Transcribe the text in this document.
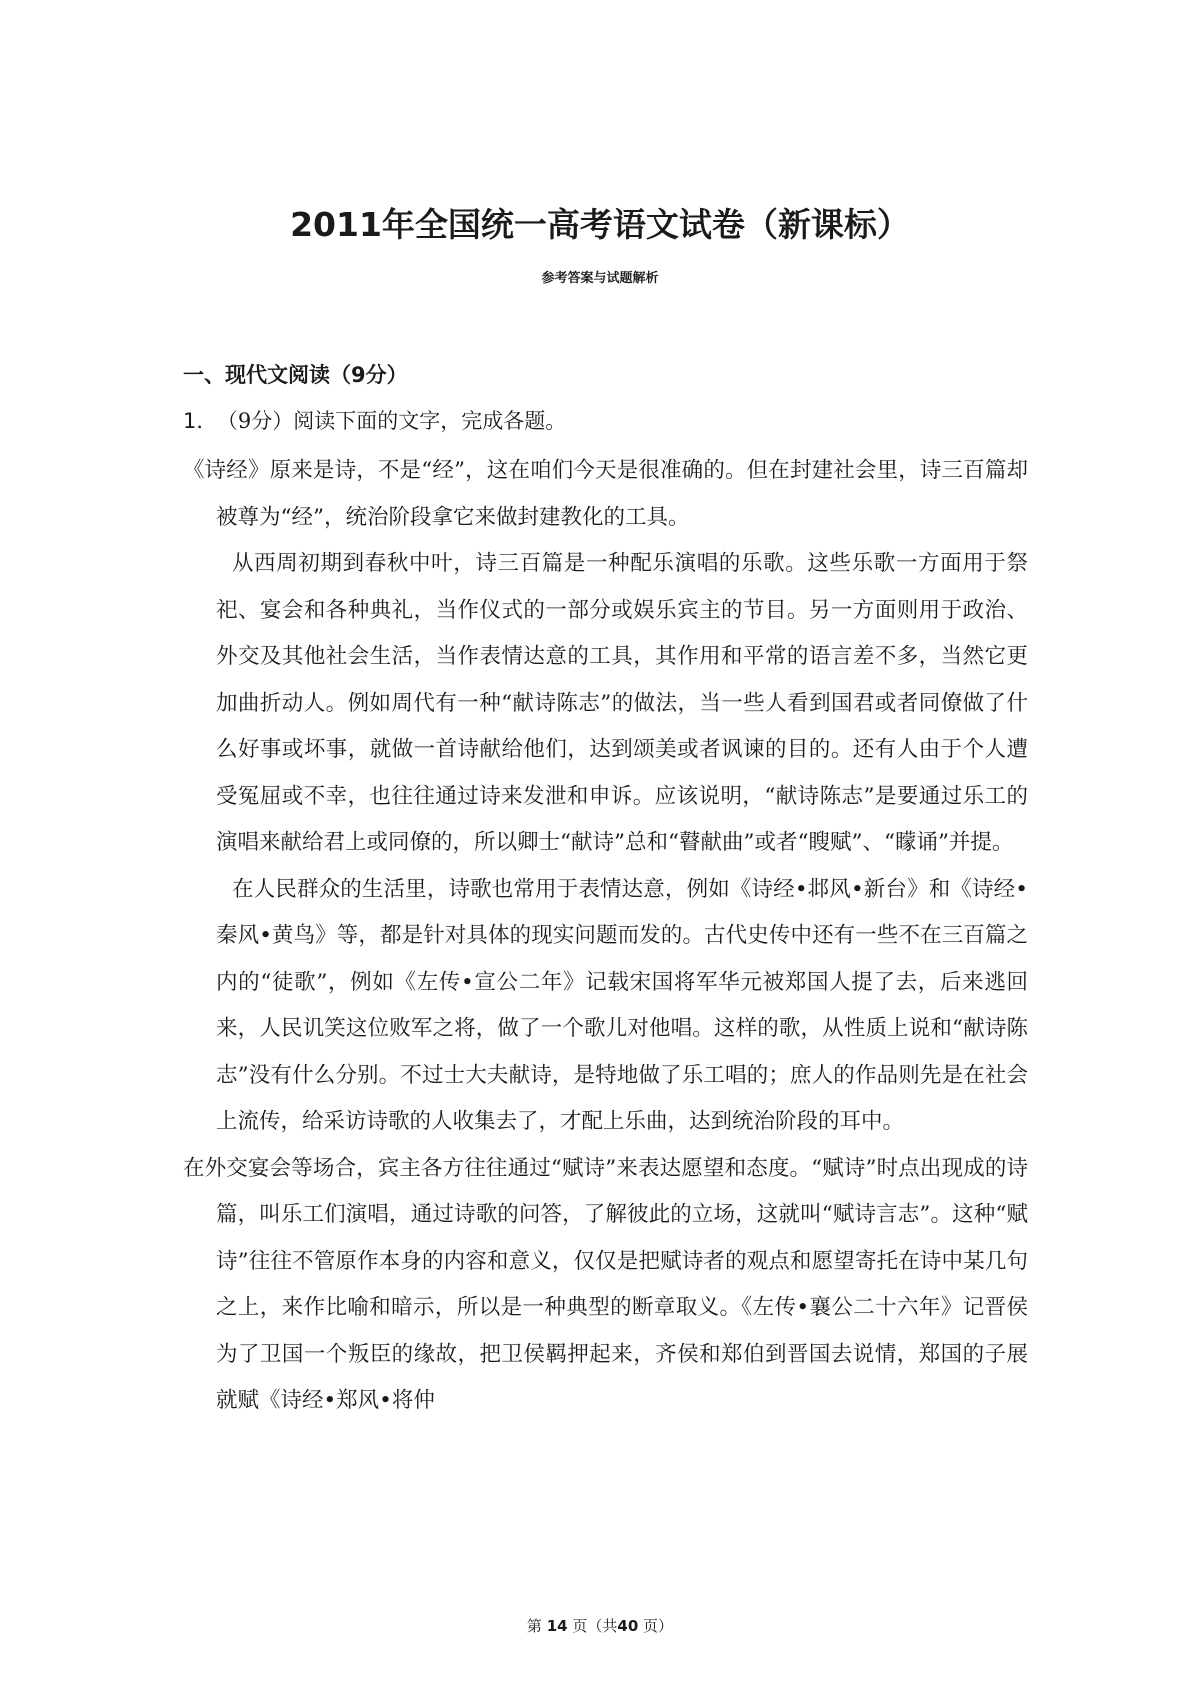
2011年全国统一高考语文试卷（新课标）
参考答案与试题解析
一、现代文阅读（9分）
1． （9分）阅读下面的文字，完成各题。

《诗经》原来是诗，不是“经”，这在咱们今天是很准确的。但在封建社会里，诗三百篇却被尊为“经”，统治阶段拿它来做封建教化的工具。

从西周初期到春秋中叶，诗三百篇是一种配乐演唱的乐歌。这些乐歌一方面用于祭祀、宴会和各种典礼，当作仪式的一部分或娱乐宾主的节目。另一方面则用于政治、外交及其他社会生活，当作表情达意的工具，其作用和平常的语言差不多，当然它更加曲折动人。例如周代有一种“献诗陈志”的做法，当一些人看到国君或者同僚做了什么好事或坏事，就做一首诗献给他们，达到颂美或者讽谏的目的。还有人由于个人遭受冤屈或不幸，也往往通过诗来发泄和申诉。应该说明，“献诗陈志”是要通过乐工的演唱来献给君上或同僚的，所以卿士“献诗”总和“瞽献曲”或者“瞍赋”、“矇诵”并提。

在人民群众的生活里，诗歌也常用于表情达意，例如《诗经•邶风•新台》和《诗经•秦风•黄鸟》等，都是针对具体的现实问题而发的。古代史传中还有一些不在三百篇之内的“徒歌”，例如《左传•宣公二年》记载宋国将军华元被郑国人提了去，后来逃回来，人民讥笑这位败军之将，做了一个歌儿对他唱。这样的歌，从性质上说和“献诗陈志”没有什么分别。不过士大夫献诗，是特地做了乐工唱的；庶人的作品则先是在社会上流传，给采访诗歌的人收集去了，才配上乐曲，达到统治阶段的耳中。

在外交宴会等场合，宾主各方往往通过“赋诗”来表达愿望和态度。“赋诗”时点出现成的诗篇，叫乐工们演唱，通过诗歌的问答，了解彼此的立场，这就叫“赋诗言志”。这种“赋诗”往往不管原作本身的内容和意义，仅仅是把赋诗者的观点和愿望寄托在诗中某几句之上，来作比喻和暗示，所以是一种典型的断章取义。《左传•襄公二十六年》记晋侯为了卫国一个叛臣的缘故，把卫侯羁押起来，齐侯和郑伯到晋国去说情，郑国的子展就赋《诗经•郑风•将仲

第 14 页（共40 页）
